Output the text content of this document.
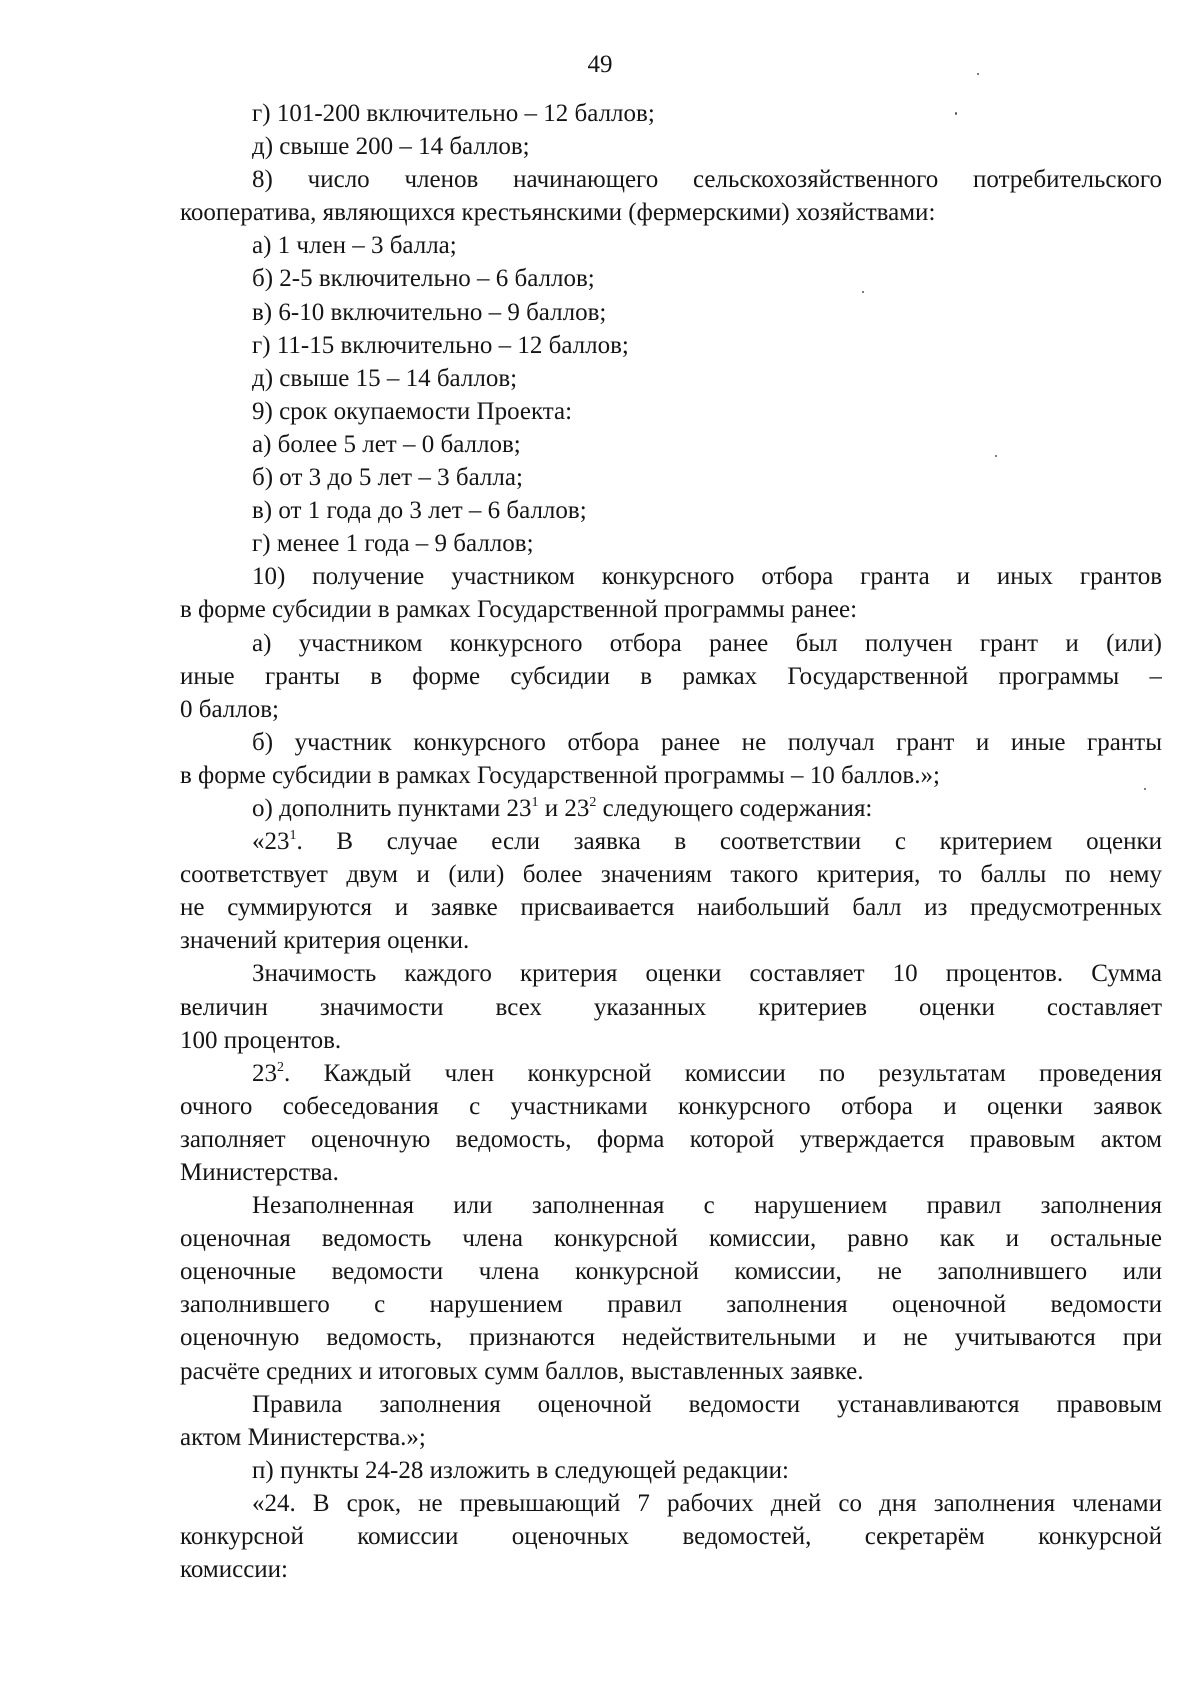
49
г) 101-200 включительно – 12 баллов;
д) свыше 200 – 14 баллов;
8) число членов начинающего сельскохозяйственного потребительского
кооператива, являющихся крестьянскими (фермерскими) хозяйствами:
а) 1 член – 3 балла;
б) 2-5 включительно – 6 баллов;
в) 6-10 включительно – 9 баллов;
г) 11-15 включительно – 12 баллов;
д) свыше 15 – 14 баллов;
9) срок окупаемости Проекта:
а) более 5 лет – 0 баллов;
б) от 3 до 5 лет – 3 балла;
в) от 1 года до 3 лет – 6 баллов;
г) менее 1 года – 9 баллов;
10) получение участником конкурсного отбора гранта и иных грантов
в форме субсидии в рамках Государственной программы ранее:
а) участником конкурсного отбора ранее был получен грант и (или)
иные гранты в форме субсидии в рамках Государственной программы –
0 баллов;
б) участник конкурсного отбора ранее не получал грант и иные гранты
в форме субсидии в рамках Государственной программы – 10 баллов.»;
о) дополнить пунктами $23^1$ и $23^2$ следующего содержания:
«$23^1$. В случае если заявка в соответствии с критерием оценки
соответствует двум и (или) более значениям такого критерия, то баллы по нему
не суммируются и заявке присваивается наибольший балл из предусмотренных
значений критерия оценки.
Значимость каждого критерия оценки составляет 10 процентов. Сумма
величин значимости всех указанных критериев оценки составляет
100 процентов.
$23^2$. Каждый член конкурсной комиссии по результатам проведения
очного собеседования с участниками конкурсного отбора и оценки заявок
заполняет оценочную ведомость, форма которой утверждается правовым актом
Министерства.
Незаполненная или заполненная с нарушением правил заполнения
оценочная ведомость члена конкурсной комиссии, равно как и остальные
оценочные ведомости члена конкурсной комиссии, не заполнившего или
заполнившего с нарушением правил заполнения оценочной ведомости
оценочную ведомость, признаются недействительными и не учитываются при
расчёте средних и итоговых сумм баллов, выставленных заявке.
Правила заполнения оценочной ведомости устанавливаются правовым
актом Министерства.»;
п) пункты 24-28 изложить в следующей редакции:
«24. В срок, не превышающий 7 рабочих дней со дня заполнения членами
конкурсной комиссии оценочных ведомостей, секретарём конкурсной
комиссии:
